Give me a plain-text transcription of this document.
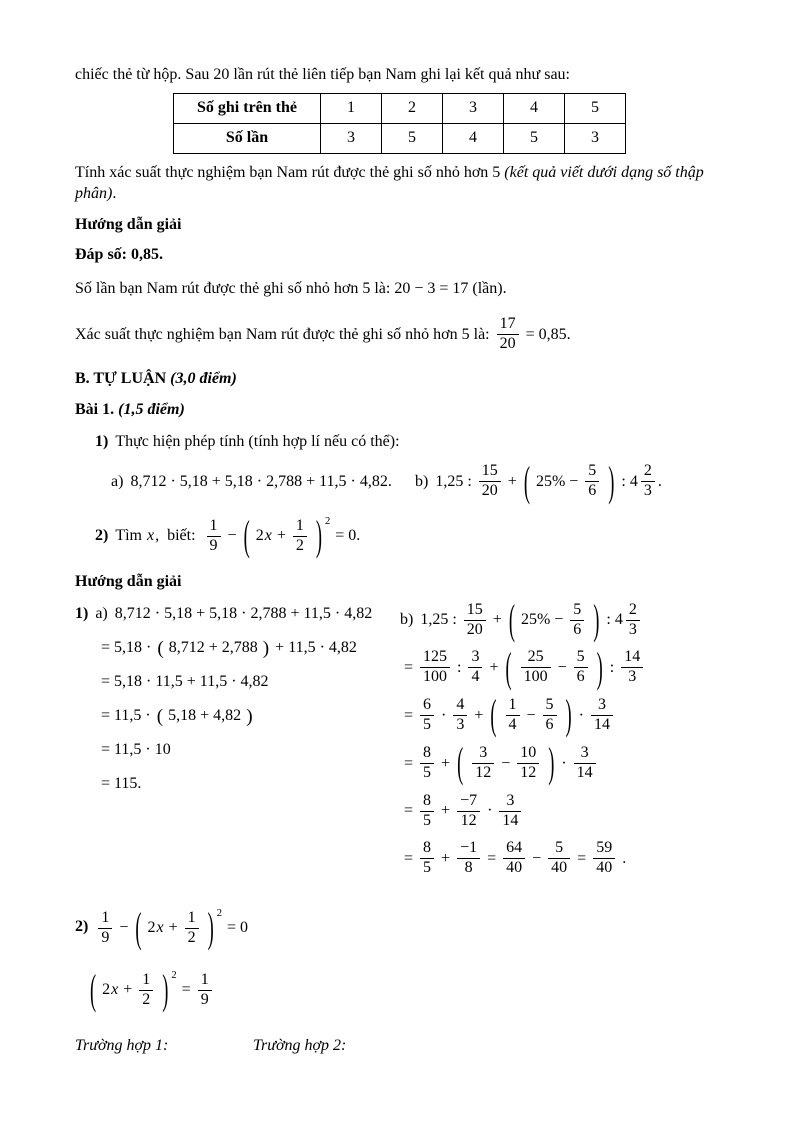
chiếc thẻ từ hộp. Sau 20 lần rút thẻ liên tiếp bạn Nam ghi lại kết quả như sau:

Số ghi trên thẻ	1	2	3	4	5
Số lần	3	5	4	5	3

Tính xác suất thực nghiệm bạn Nam rút được thẻ ghi số nhỏ hơn 5 (kết quả viết dưới dạng số thập phân).

Hướng dẫn giải

Đáp số: 0,85.

Số lần bạn Nam rút được thẻ ghi số nhỏ hơn 5 là: 20 − 3 = 17 (lần).

Xác suất thực nghiệm bạn Nam rút được thẻ ghi số nhỏ hơn 5 là: $\frac{17}{20} = 0,85$.

B. TỰ LUẬN (3,0 điểm)

Bài 1. (1,5 điểm)

1) Thực hiện phép tính (tính hợp lí nếu có thể):

a) 8,712 · 5,18 + 5,18 · 2,788 + 11,5 · 4,82. b) 1,25 : $\frac{15}{20}$ + ( $25\% - \frac{5}{6}$
) : $4 \frac{2}{3}$ .
2) Tìm x ,  biết: $\frac{1}{9}$ − ( 2 $x + \frac{1}{2}$
) $^2$
= 0.

Hướng dẫn giải

1) a) 8,712 · 5,18 + 5,18 · 2,788 + 11,5 · 4,82
= 5,18 · ( 8,712 + 2,788 ) + 11,5 · 4,82
= 5,18 · 11,5 + 11,5 · 4,82
= 11,5 · ( 5,18 + 4,82 )
= 11,5 · 10
= 115.
b) 1,25 : $\frac{15}{20}$ + ( $25\% - \frac{5}{6}$
) : $4 \frac{2}{3}$
= $\frac{125}{100}$ : $\frac{3}{4}$ + (
$\frac{25}{100} - \frac{5}{6}$
) : $\frac{14}{3}$
= $\frac{6}{5} \cdot \frac{4}{3}$ + (
$\frac{1}{4} - \frac{5}{6}$
) · $\frac{3}{14}$
= $\frac{8}{5}$ + (
$\frac{3}{12} - \frac{10}{12}$
) · $\frac{3}{14}$
= $\frac{8}{5} + \frac{-7}{12} \cdot \frac{3}{14}$
= $\frac{8}{5} + \frac{-1}{8} = \frac{64}{40} - \frac{5}{40} = \frac{59}{40}$ .
$2) \frac{1}{9}$ − ( 2 $x + \frac{1}{2}$
) $^2$
= 0
( 2 $x + \frac{1}{2}$
) $^2$
= $\frac{1}{9}$

Trường hợp 1:	Trường hợp 2:
